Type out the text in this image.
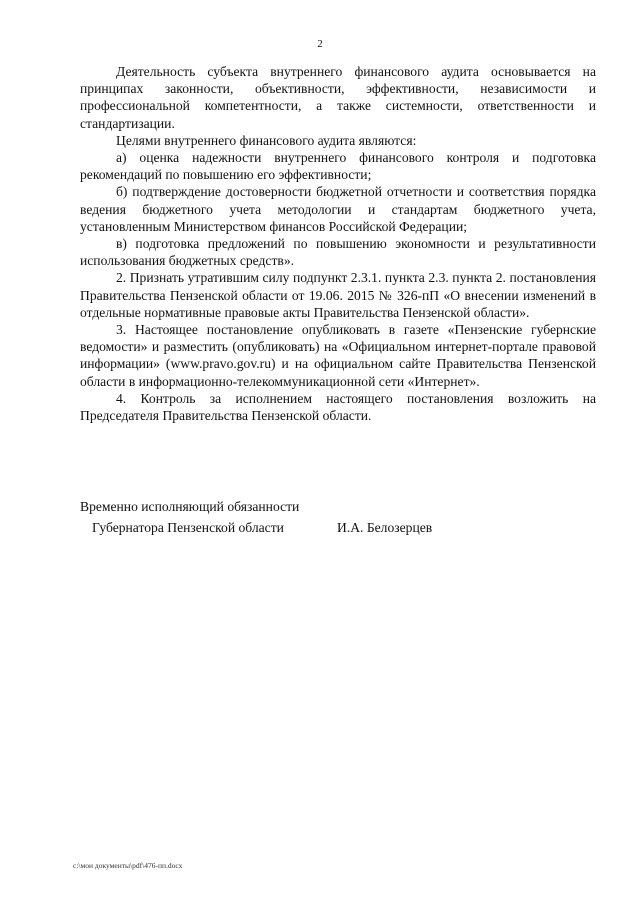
2

Деятельность субъекта внутреннего финансового аудита основывается на принципах законности, объективности, эффективности, независимости и профессиональной компетентности, а также системности, ответственности и стандартизации.

Целями внутреннего финансового аудита являются:

а) оценка надежности внутреннего финансового контроля и подготовка рекомендаций по повышению его эффективности;

б) подтверждение достоверности бюджетной отчетности и соответствия порядка ведения бюджетного учета методологии и стандартам бюджетного учета, установленным Министерством финансов Российской Федерации;

в) подготовка предложений по повышению экономности и результативности использования бюджетных средств».

2. Признать утратившим силу подпункт 2.3.1. пункта 2.3. пункта 2. постановления Правительства Пензенской области от 19.06. 2015 № 326-пП «О внесении изменений в отдельные нормативные правовые акты Правительства Пензенской области».

3. Настоящее постановление опубликовать в газете «Пензенские губернские ведомости» и разместить (опубликовать) на «Официальном интернет-портале правовой информации» (www.pravo.gov.ru) и на официальном сайте Правительства Пензенской области в информационно-телекоммуникационной сети «Интернет».

4. Контроль за исполнением настоящего постановления возложить на Председателя Правительства Пензенской области.

Временно исполняющий обязанности
Губернатора Пензенской области	И.А. Белозерцев
c:\мои документы\pdf\476-пп.docx
